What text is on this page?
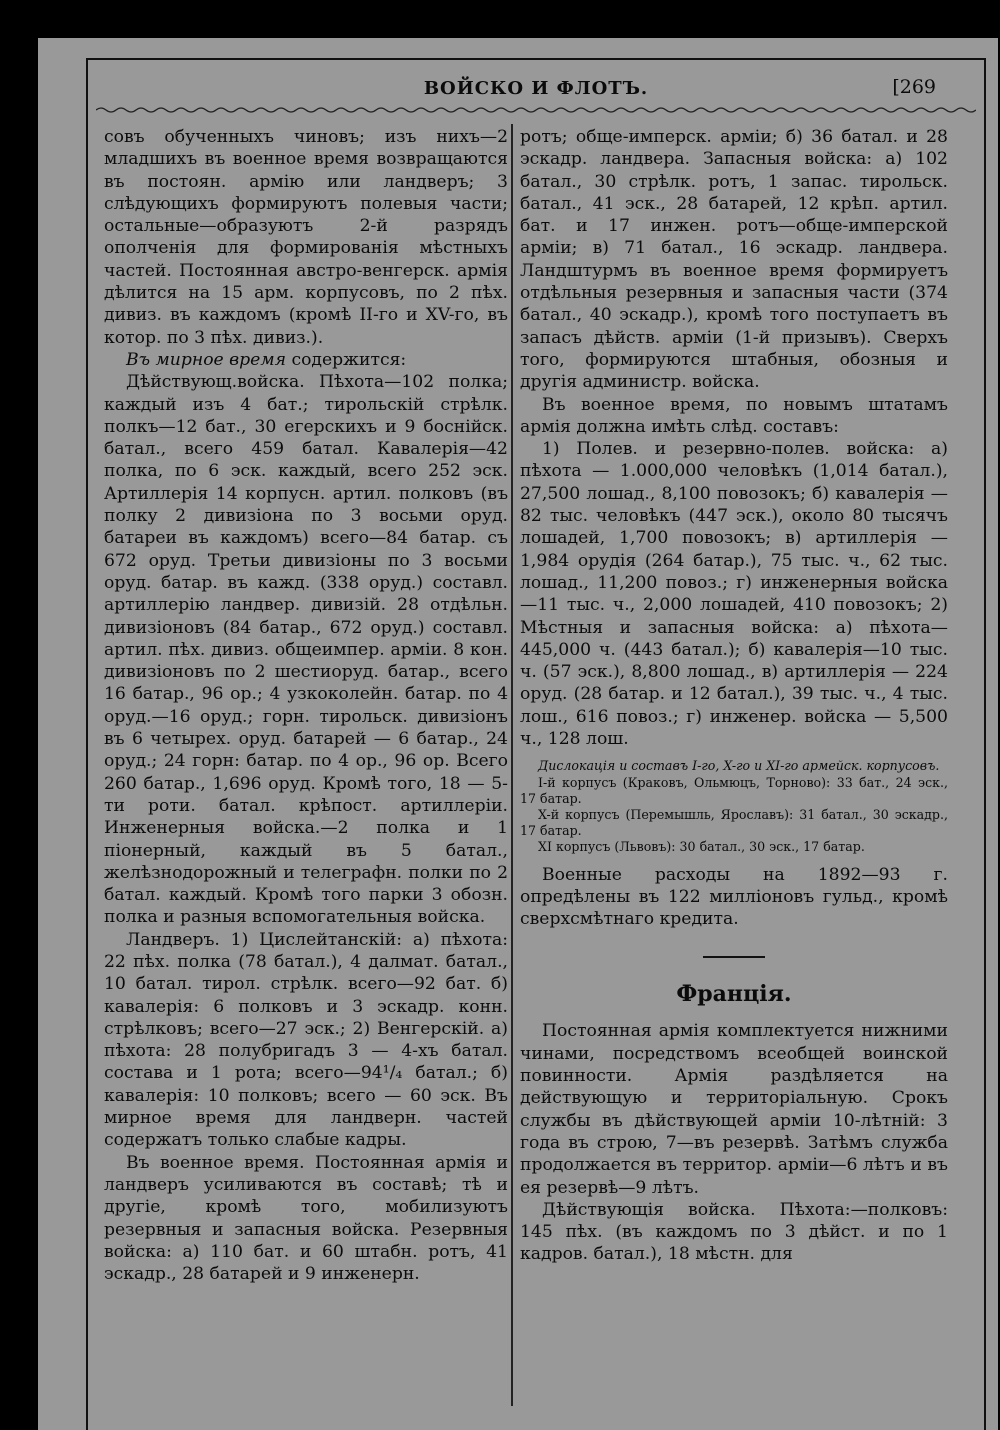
ВОЙСКО И ФЛОТЪ.	[269

совъ обученныхъ чиновъ; изъ нихъ—2 младшихъ въ военное время возвращаются въ постоян. армію или ландверъ; 3 слѣдующихъ формируютъ полевыя части; остальные—образуютъ 2-й разрядъ ополченія для формированія мѣстныхъ частей. Постоянная австро-венгерск. армія дѣлится на 15 арм. корпусовъ, по 2 пѣх. дивиз. въ каждомъ (кромѣ II-го и XV-го, въ котор. по 3 пѣх. дивиз.).

Въ мирное время содержится:

Дѣйствующ.войска. Пѣхота—102 полка; каждый изъ 4 бат.; тирольскій стрѣлк. полкъ—12 бат., 30 егерскихъ и 9 боснійск. батал., всего 459 батал. Кавалерія—42 полка, по 6 эск. каждый, всего 252 эск. Артиллерія 14 корпусн. артил. полковъ (въ полку 2 дивизіона по 3 восьми оруд. батареи въ каждомъ) всего—84 батар. съ 672 оруд. Третьи дивизіоны по 3 восьми оруд. батар. въ кажд. (338 оруд.) составл. артиллерію ландвер. дивизій. 28 отдѣльн. дивизіоновъ (84 батар., 672 оруд.) составл. артил. пѣх. дивиз. общеимпер. арміи. 8 кон. дивизіоновъ по 2 шестиоруд. батар., всего 16 батар., 96 ор.; 4 узкоколейн. батар. по 4 оруд.—16 оруд.; горн. тирольск. дивизіонъ въ 6 четырех. оруд. батарей — 6 батар., 24 оруд.; 24 горн: батар. по 4 ор., 96 ор. Всего 260 батар., 1,696 оруд. Кромѣ того, 18 — 5-ти роти. батал. крѣпост. артиллеріи. Инженерныя войска.—2 полка и 1 піонерный, каждый въ 5 батал., желѣзнодорожный и телеграфн. полки по 2 батал. каждый. Кромѣ того парки 3 обозн. полка и разныя вспомогательныя войска.

Ландверъ. 1) Цислейтанскій: а) пѣхота: 22 пѣх. полка (78 батал.), 4 далмат. батал., 10 батал. тирол. стрѣлк. всего—92 бат. б) кавалерія: 6 полковъ и 3 эскадр. конн. стрѣлковъ; всего—27 эск.; 2) Венгерскій. а) пѣхота: 28 полубригадъ 3 — 4-хъ батал. состава и 1 рота; всего—94¹/₄ батал.; б) кавалерія: 10 полковъ; всего — 60 эск. Въ мирное время для ландверн. частей содержатъ только слабые кадры.

Въ военное время. Постоянная армія и ландверъ усиливаются въ составѣ; тѣ и другіе, кромѣ того, мобилизуютъ резервныя и запасныя войска. Резервныя войска: а) 110 бат. и 60 штабн. ротъ, 41 эскадр., 28 батарей и 9 инженерн.

ротъ; обще-имперск. арміи; б) 36 батал. и 28 эскадр. ландвера. Запасныя войска: а) 102 батал., 30 стрѣлк. ротъ, 1 запас. тирольск. батал., 41 эск., 28 батарей, 12 крѣп. артил. бат. и 17 инжен. ротъ—обще-имперской арміи; в) 71 батал., 16 эскадр. ландвера. Ландштурмъ въ военное время формируетъ отдѣльныя резервныя и запасныя части (374 батал., 40 эскадр.), кромѣ того поступаетъ въ запасъ дѣйств. арміи (1-й призывъ). Сверхъ того, формируются штабныя, обозныя и другія администр. войска.

Въ военное время, по новымъ штатамъ армія должна имѣть слѣд. составъ:

1) Полев. и резервно-полев. войска: а) пѣхота — 1.000,000 человѣкъ (1,014 батал.), 27,500 лошад., 8,100 повозокъ; б) кавалерія — 82 тыс. человѣкъ (447 эск.), около 80 тысячъ лошадей, 1,700 повозокъ; в) артиллерія — 1,984 орудія (264 батар.), 75 тыс. ч., 62 тыс. лошад., 11,200 повоз.; г) инженерныя войска—11 тыс. ч., 2,000 лошадей, 410 повозокъ; 2) Мѣстныя и запасныя войска: а) пѣхота—445,000 ч. (443 батал.); б) кавалерія—10 тыс. ч. (57 эск.), 8,800 лошад., в) артиллерія — 224 оруд. (28 батар. и 12 батал.), 39 тыс. ч., 4 тыс. лош., 616 повоз.; г) инженер. войска — 5,500 ч., 128 лош.

Дислокація и составъ I-го, X-го и XI-го армейск. корпусовъ.

I-й корпусъ (Краковъ, Ольмюцъ, Торново): 33 бат., 24 эск., 17 батар.

X-й корпусъ (Перемышль, Ярославъ): 31 батал., 30 эскадр., 17 батар.

XI корпусъ (Львовъ): 30 батал., 30 эск., 17 батар.

Военные расходы на 1892—93 г. опредѣлены въ 122 милліоновъ гульд., кромѣ сверхсмѣтнаго кредита.

Франція.

Постоянная армія комплектуется нижними чинами, посредствомъ всеобщей воинской повинности. Армія раздѣляется на действующую и территоріальную. Срокъ службы въ дѣйствующей арміи 10-лѣтній: 3 года въ строю, 7—въ резервѣ. Затѣмъ служба продолжается въ территор. арміи—6 лѣтъ и въ ея резервѣ—9 лѣтъ.

Дѣйствующія войска. Пѣхота:—полковъ: 145 пѣх. (въ каждомъ по 3 дѣйст. и по 1 кадров. батал.), 18 мѣстн. для
